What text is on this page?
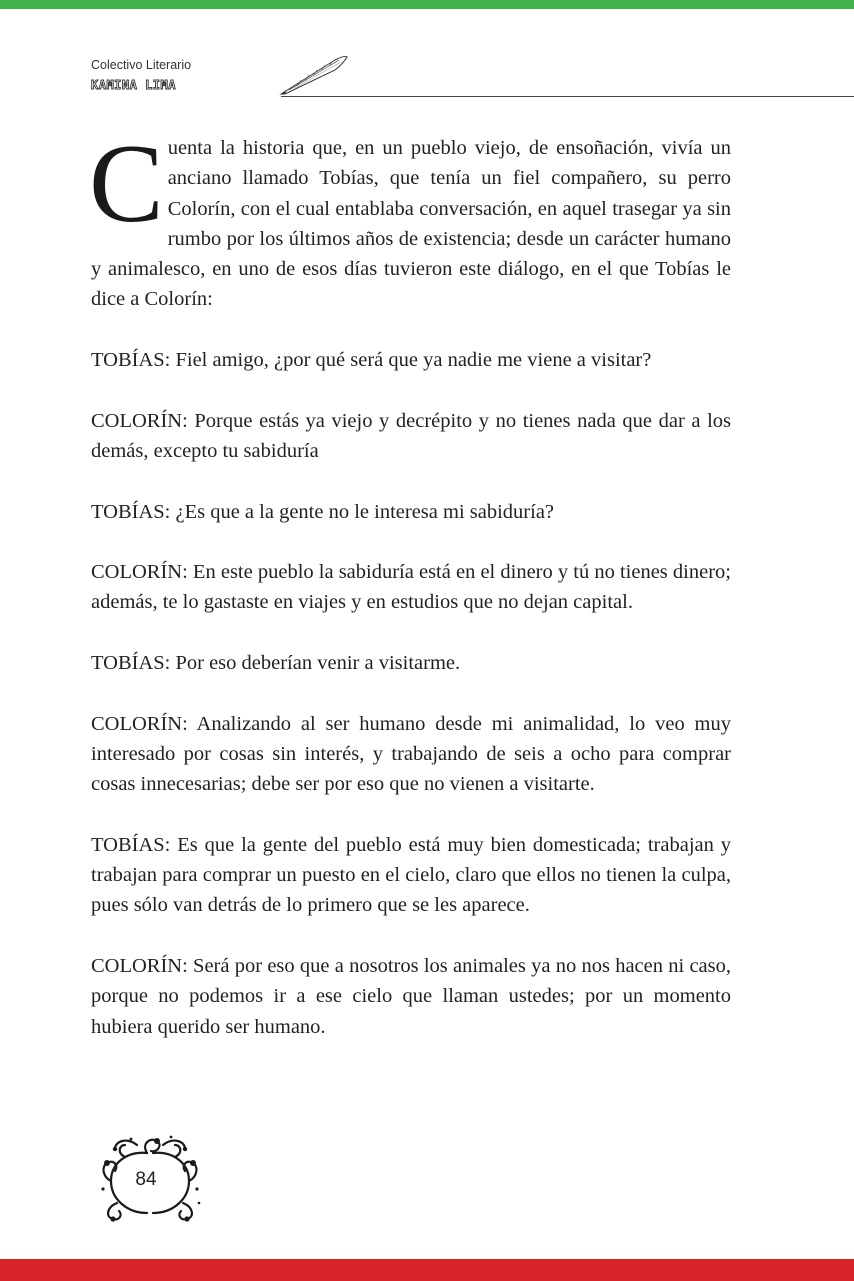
Colectivo Literario
KAMINA LIMA

Cuenta la historia que, en un pueblo viejo, de ensoñación, vivía un anciano llamado Tobías, que tenía un fiel compañero, su perro Colorín, con el cual entablaba conversación, en aquel trasegar ya sin rumbo por los últimos años de existencia; desde un carácter humano y animalesco, en uno de esos días tuvieron este diálogo, en el que Tobías le dice a Colorín:

TOBÍAS: Fiel amigo, ¿por qué será que ya nadie me viene a visitar?

COLORÍN: Porque estás ya viejo y decrépito y no tienes nada que dar a los demás, excepto tu sabiduría

TOBÍAS: ¿Es que a la gente no le interesa mi sabiduría?

COLORÍN: En este pueblo la sabiduría está en el dinero y tú no tienes dinero; además, te lo gastaste en viajes y en estudios que no dejan capital.

TOBÍAS: Por eso deberían venir a visitarme.

COLORÍN: Analizando al ser humano desde mi animalidad, lo veo muy interesado por cosas sin interés, y trabajando de seis a ocho para comprar cosas innecesarias; debe ser por eso que no vienen a visitarte.

TOBÍAS: Es que la gente del pueblo está muy bien domesticada; trabajan y trabajan para comprar un puesto en el cielo, claro que ellos no tienen la culpa, pues sólo van detrás de lo primero que se les aparece.

COLORÍN: Será por eso que a nosotros los animales ya no nos hacen ni caso, porque no podemos ir a ese cielo que llaman ustedes; por un momento hubiera querido ser humano.

84
